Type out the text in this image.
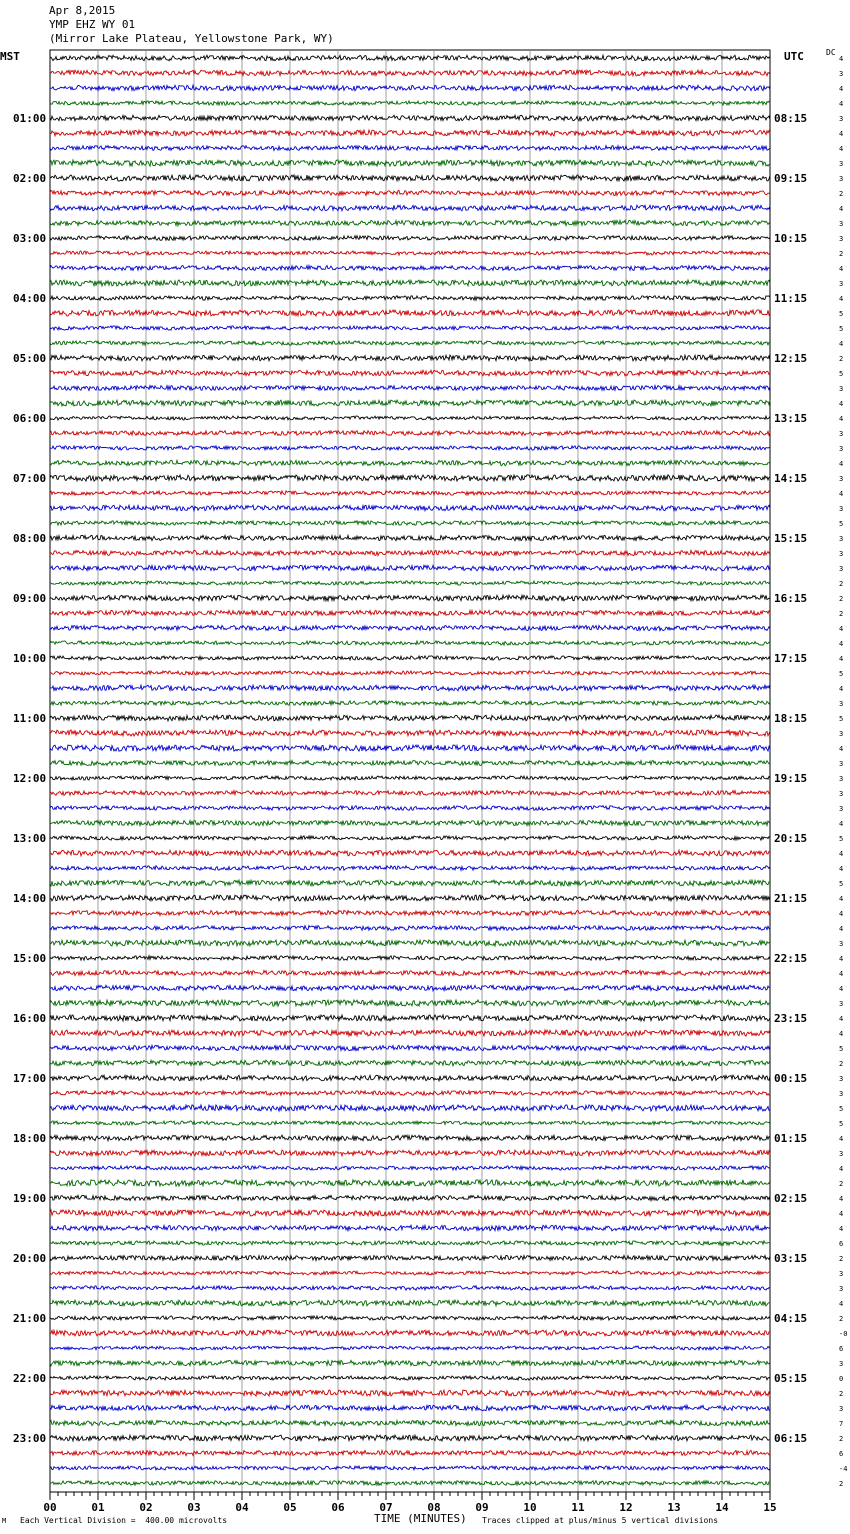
Apr 8,2015
YMP EHZ WY 01
(Mirror Lake Plateau, Yellowstone Park, WY)
MST	UTC	DC
4
3
4
4
3
4
4
3
3
2
4
3
3
2
4
3
4
5
5
4
2
5
3
4
4
3
3
4
3
4
3
5
3
3
3
2
2
2
4
4
4
5
4
3
5
3
4
3
3
3
3
4
5
4
4
5
4
4
4
3
4
4
4
3
4
4
5
2
3
3
5
5
4
3
4
2
4
4
4
6
2
3
3
4
2
-0
6
3
0
2
3
7
2
6
-4
2
01:00
02:00
03:00
04:00
05:00
06:00
07:00
08:00
09:00
10:00
11:00
12:00
13:00
14:00
15:00
16:00
17:00
18:00
19:00
20:00
21:00
22:00
23:00
08:15
09:15
10:15
11:15
12:15
13:15
14:15
15:15
16:15
17:15
18:15
19:15
20:15
21:15
22:15
23:15
00:15
01:15
02:15
03:15
04:15
05:15
06:15
00	01	02	03	04	05	06	07	08	09	10	11	12	13	14	15
M Each Vertical Division =  400.00 microvolts	TIME (MINUTES) Traces clipped at plus/minus 5 vertical divisions
